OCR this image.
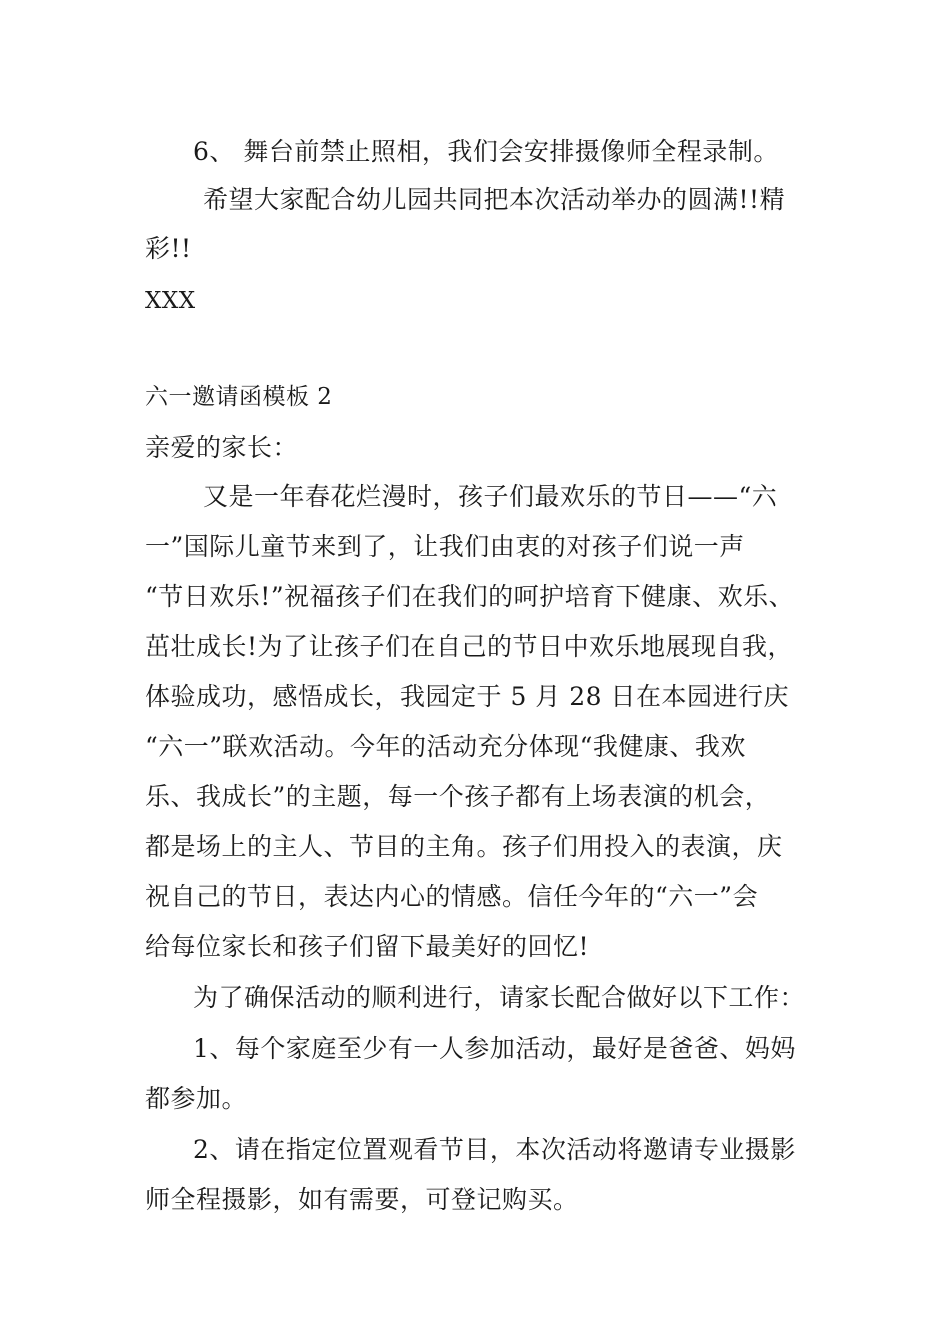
6、 舞台前禁止照相，我们会安排摄像师全程录制。
希望大家配合幼儿园共同把本次活动举办的圆满!!精
彩!!
XXX
六一邀请函模板 2
亲爱的家长：
又是一年春花烂漫时，孩子们最欢乐的节日——“六
一”国际儿童节来到了，让我们由衷的对孩子们说一声
“节日欢乐!”祝福孩子们在我们的呵护培育下健康、欢乐、
茁壮成长!为了让孩子们在自己的节日中欢乐地展现自我，
体验成功，感悟成长，我园定于 5 月 28 日在本园进行庆
“六一”联欢活动。今年的活动充分体现“我健康、我欢
乐、我成长”的主题，每一个孩子都有上场表演的机会，
都是场上的主人、节目的主角。孩子们用投入的表演，庆
祝自己的节日，表达内心的情感。信任今年的“六一”会
给每位家长和孩子们留下最美好的回忆!
为了确保活动的顺利进行，请家长配合做好以下工作：
1、每个家庭至少有一人参加活动，最好是爸爸、妈妈
都参加。
2、请在指定位置观看节目，本次活动将邀请专业摄影
师全程摄影，如有需要，可登记购买。
